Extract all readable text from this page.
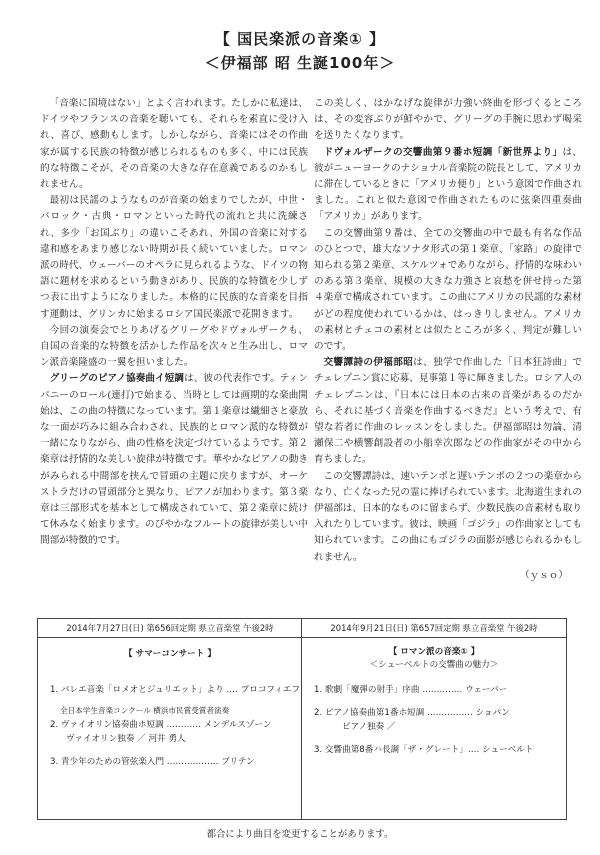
【 国民楽派の音楽① 】
＜伊福部 昭 生誕100年＞

「音楽に国境はない」とよく言われます。たしかに私達は、ドイツやフランスの音楽を聴いても、それらを素直に受け入れ、喜び、感動もします。しかしながら、音楽にはその作曲家が属する民族の特徴が感じられるものも多く、中には民族的な特徴こそが、その音楽の大きな存在意義であるのかもしれません。

最初は民謡のようなものが音楽の始まりでしたが、中世・バロック・古典・ロマンといった時代の流れと共に洗練され、多少「お国ぶり」の違いこそあれ、外国の音楽に対する違和感をあまり感じない時期が長く続いていました。ロマン派の時代、ウェーバーのオペラに見られるような、ドイツの物語に題材を求めるという動きがあり、民族的な特徴を少しずつ表に出すようになりました。本格的に民族的な音楽を目指す運動は、グリンカに始まるロシア国民楽派で花開きます。

今回の演奏会でとりあげるグリーグやドヴォルザークも、自国の音楽的な特徴を活かした作品を次々と生み出し、ロマン派音楽隆盛の一翼を担いました。

グリーグのピアノ協奏曲イ短調は、彼の代表作です。ティンパニーのロール(連打)で始まる、当時としては画期的な楽曲開始は、この曲の特徴になっています。第１楽章は繊細さと豪放な一面が巧みに組み合わされ、民族的とロマン派的な特徴が一緒になりながら、曲の性格を決定づけているようです。第２楽章は抒情的な美しい旋律が特徴です。華やかなピアノの動きがみられる中間部を挟んで冒頭の主題に戻りますが、オーケストラだけの冒頭部分と異なり、ピアノが加わります。第３楽章は三部形式を基本として構成されていて、第２楽章に続けて休みなく始まります。のびやかなフルートの旋律が美しい中間部が特徴的です。

この美しく、はかなげな旋律が力強い終曲を形づくるところは、その変容ぶりが鮮やかで、グリーグの手腕に思わず喝采を送りたくなります。

ドヴォルザークの交響曲第９番ホ短調「新世界より」は、彼がニューヨークのナショナル音楽院の院長として、アメリカに滞在しているときに「アメリカ便り」という意図で作曲されました。これと似た意図で作曲されたものに弦楽四重奏曲「アメリカ」があります。

この交響曲第９番は、全ての交響曲の中で最も有名な作品のひとつで、雄大なソナタ形式の第１楽章、「家路」の旋律で知られる第２楽章、スケルツォでありながら、抒情的な味わいのある第３楽章、規模の大きな力強さと哀愁を併せ持った第４楽章で構成されています。この曲にアメリカの民謡的な素材がどの程度使われているかは、はっきりしません。アメリカの素材とチェコの素材とは似たところが多く、判定が難しいのです。

交響譚詩の伊福部昭は、独学で作曲した「日本狂詩曲」でチェレプニン賞に応募、見事第１等に輝きました。ロシア人のチェレプニンは、『日本には日本の古来の音楽があるのだから、それに基づく音楽を作曲するべきだ』という考えで、有望な若者に作曲のレッスンをしました。伊福部昭は勿論、清瀬保二や横響創設者の小船幸次郎などの作曲家がその中から育ちました。

この交響譚詩は、速いテンポと遅いテンポの２つの楽章からなり、亡くなった兄の霊に捧げられています。北海道生まれの伊福部は、日本的なものに留まらず、少数民族の音素材も取り入れたりしています。彼は、映画「ゴジラ」の作曲家としても知られています。この曲にもゴジラの面影が感じられるかもしれません。

（ｙｓｏ）

2014年7月27日(日) 第656回定期 県立音楽堂 午後2時	2014年9月21日(日) 第657回定期 県立音楽堂 午後2時
【 サマーコンサート 】
1. バレエ音楽「ロメオとジュリエット」より ‥‥ プロコフィエフ
全日本学生音楽コンクール 横浜市民賞受賞者演奏
2. ヴァイオリン協奏曲ホ短調 ‥‥‥‥‥‥ メンデルスゾーン
ヴァイオリン独奏 ／ 河井 勇人
3. 青少年のための管弦楽入門 ‥‥‥‥‥‥‥‥‥ ブリテン
【 ロマン派の音楽① 】
＜シューベルトの交響曲の魅力＞
1. 歌劇「魔弾の射手」序曲 ‥‥‥‥‥‥‥ ウェーバー
2. ピアノ協奏曲第1番ホ短調 ‥‥‥‥‥‥‥‥ ショパン
ピアノ独奏 ／
3. 交響曲第8番ハ長調「ザ・グレート」‥‥ シューベルト
都合により曲目を変更することがあります。
